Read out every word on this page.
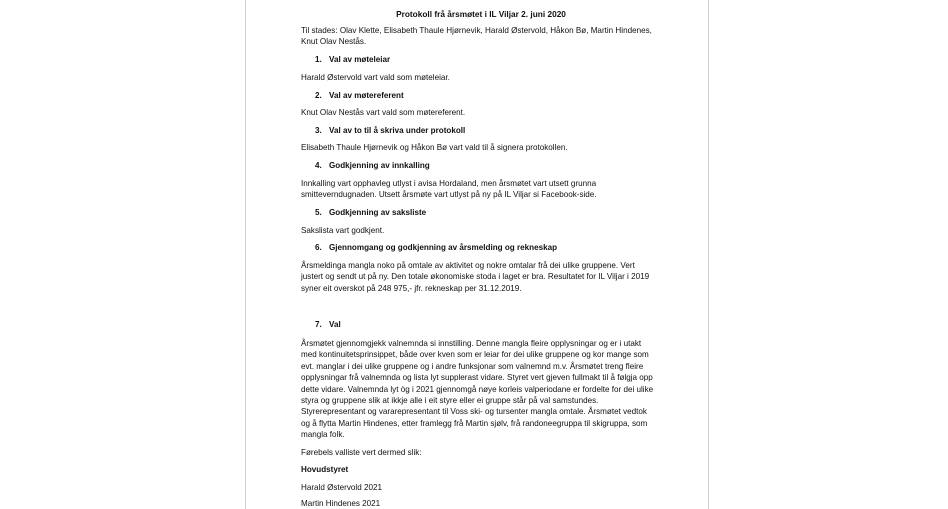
Protokoll frå årsmøtet i IL Viljar 2. juni 2020

Til stades: Olav Klette, Elisabeth Thaule Hjørnevik, Harald Østervold, Håkon Bø, Martin Hindenes, Knut Olav Nestås.

1. Val av møteleiar

Harald Østervold vart vald som møteleiar.

2. Val av møtereferent

Knut Olav Nestås vart vald som møtereferent.

3. Val av to til å skriva under protokoll

Elisabeth Thaule Hjørnevik og Håkon Bø vart vald til å signera protokollen.

4. Godkjenning av innkalling

Innkalling vart opphavleg utlyst i avisa Hordaland, men årsmøtet vart utsett grunna smitteverndugnaden. Utsett årsmøte vart utlyst på ny på IL Viljar si Facebook-side.

5. Godkjenning av saksliste

Sakslista vart godkjent.

6. Gjennomgang og godkjenning av årsmelding og rekneskap

Årsmeldinga mangla noko på omtale av aktivitet og nokre omtalar frå dei ulike gruppene. Vert justert og sendt ut på ny. Den totale økonomiske stoda i laget er bra. Resultatet for IL Viljar i 2019 syner eit overskot på 248 975,- jfr. rekneskap per 31.12.2019.

7. Val

Årsmøtet gjennomgjekk valnemnda si innstilling. Denne mangla fleire opplysningar og er i utakt med kontinuitetsprinsippet, både over kven som er leiar for dei ulike gruppene og kor mange som evt. manglar i dei ulike gruppene og i andre funksjonar som valnemnd m.v. Årsmøtet treng fleire opplysningar frå valnemnda og lista lyt supplerast vidare. Styret vert gjeven fullmakt til å følgja opp dette vidare. Valnemnda lyt òg i 2021 gjennomgå nøye korleis valperiodane er fordelte for dei ulike styra og gruppene slik at ikkje alle i eit styre eller ei gruppe står på val samstundes. Styrerepresentant og vararepresentant til Voss ski- og tursenter mangla omtale. Årsmøtet vedtok og å flytta Martin Hindenes, etter framlegg frå Martin sjølv, frå randoneegruppa til skigruppa, som mangla folk.

Førebels valliste vert dermed slik:

Hovudstyret

Harald Østervold 2021

Martin Hindenes 2021
